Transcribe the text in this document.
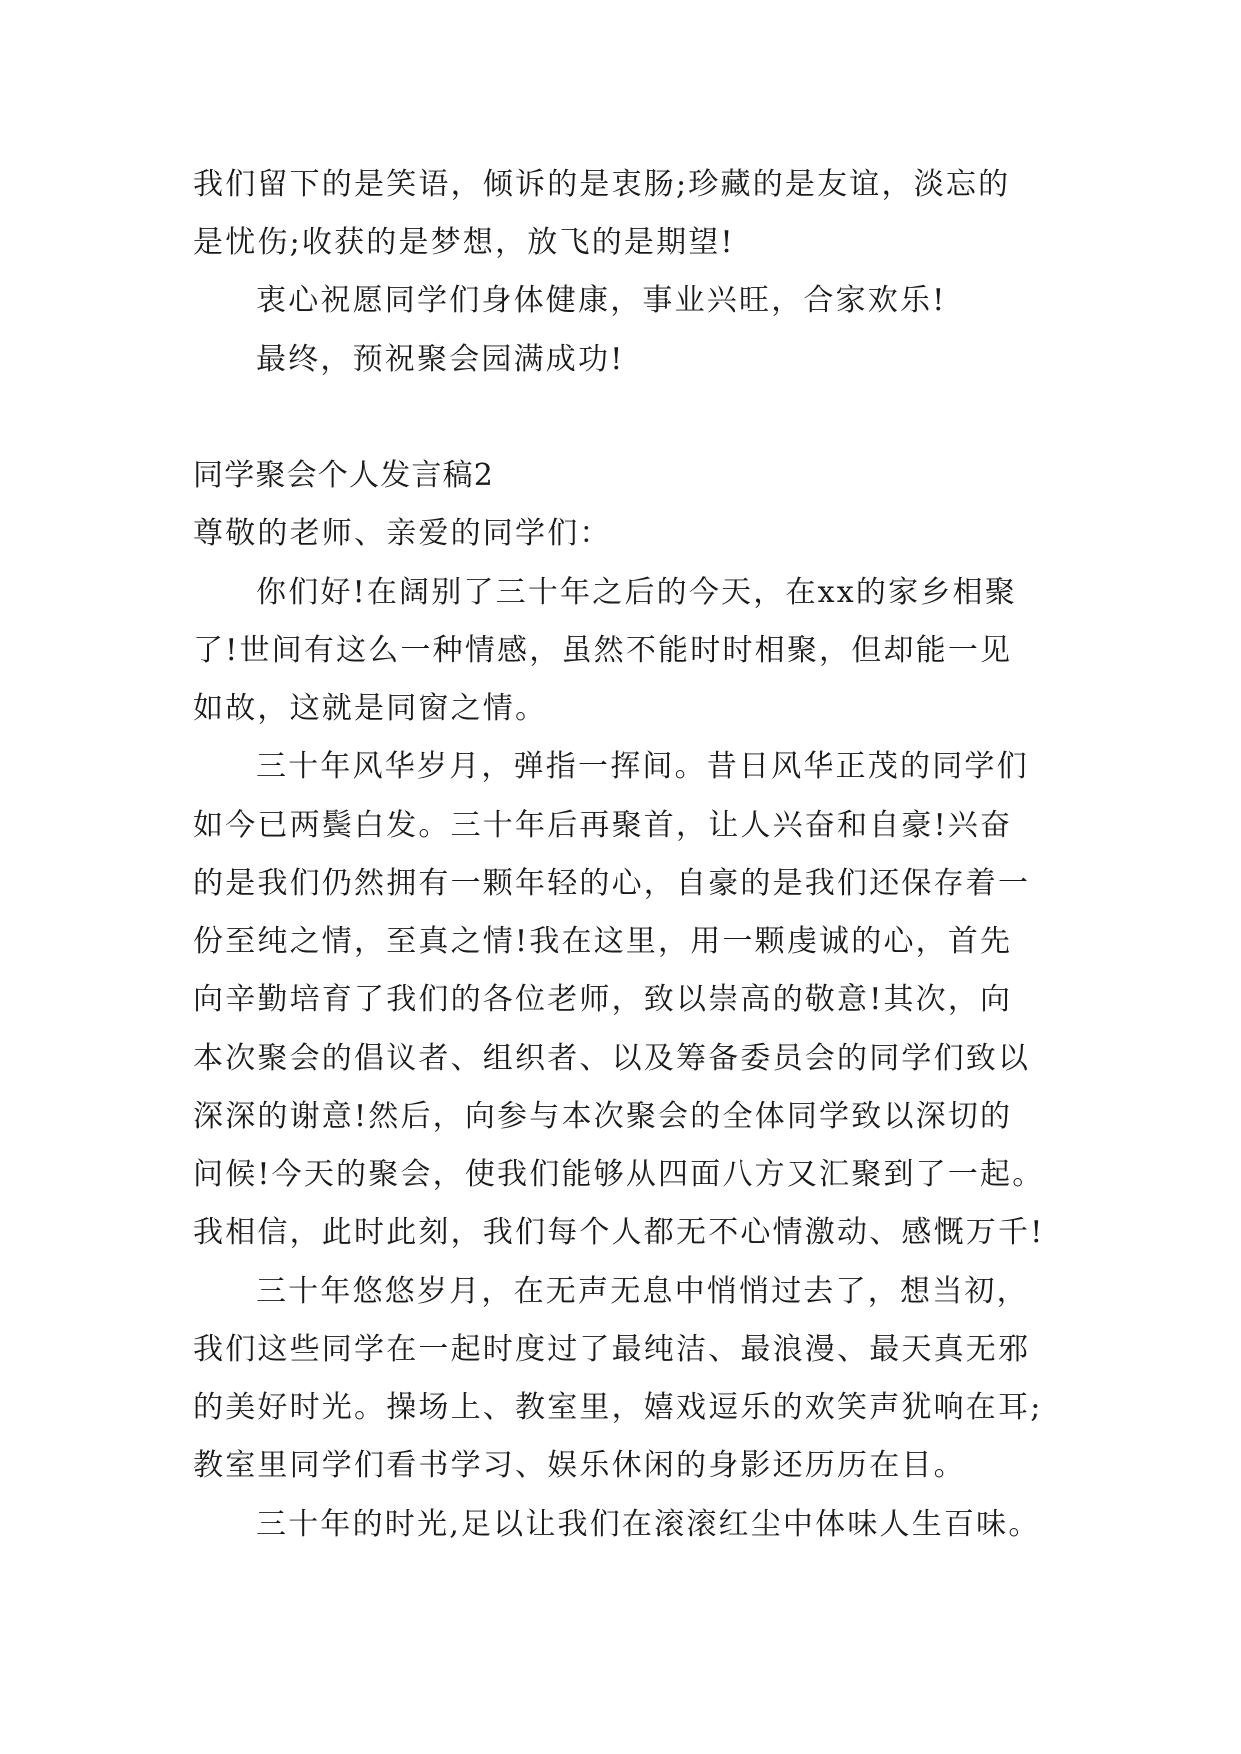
我们留下的是笑语，倾诉的是衷肠;珍藏的是友谊，淡忘的
是忧伤;收获的是梦想，放飞的是期望!
衷心祝愿同学们身体健康，事业兴旺，合家欢乐!
最终，预祝聚会园满成功!
同学聚会个人发言稿2
尊敬的老师、亲爱的同学们：
你们好!在阔别了三十年之后的今天，在xx的家乡相聚
了!世间有这么一种情感，虽然不能时时相聚，但却能一见
如故，这就是同窗之情。
三十年风华岁月，弹指一挥间。昔日风华正茂的同学们
如今已两鬓白发。三十年后再聚首，让人兴奋和自豪!兴奋
的是我们仍然拥有一颗年轻的心，自豪的是我们还保存着一
份至纯之情，至真之情!我在这里，用一颗虔诚的心，首先
向辛勤培育了我们的各位老师，致以崇高的敬意!其次，向
本次聚会的倡议者、组织者、以及筹备委员会的同学们致以
深深的谢意!然后，向参与本次聚会的全体同学致以深切的
问候!今天的聚会，使我们能够从四面八方又汇聚到了一起。
我相信，此时此刻，我们每个人都无不心情激动、感慨万千!
三十年悠悠岁月，在无声无息中悄悄过去了，想当初，
我们这些同学在一起时度过了最纯洁、最浪漫、最天真无邪
的美好时光。操场上、教室里，嬉戏逗乐的欢笑声犹响在耳;
教室里同学们看书学习、娱乐休闲的身影还历历在目。
三十年的时光,足以让我们在滚滚红尘中体味人生百味。
